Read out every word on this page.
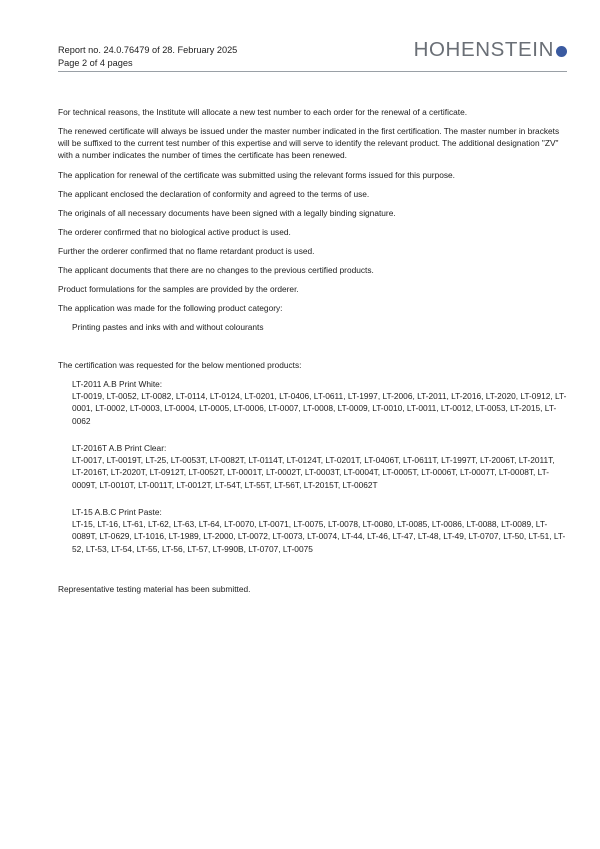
Report no. 24.0.76479 of 28. February 2025
Page 2 of 4 pages
HOHENSTEIN
For technical reasons, the Institute will allocate a new test number to each order for the renewal of a certificate.
The renewed certificate will always be issued under the master number indicated in the first certification. The master number in brackets will be suffixed to the current test number of this expertise and will serve to identify the relevant product. The additional designation "ZV" with a number indicates the number of times the certificate has been renewed.
The application for renewal of the certificate was submitted using the relevant forms issued for this purpose.
The applicant enclosed the declaration of conformity and agreed to the terms of use.
The originals of all necessary documents have been signed with a legally binding signature.
The orderer confirmed that no biological active product is used.
Further the orderer confirmed that no flame retardant product is used.
The applicant documents that there are no changes to the previous certified products.
Product formulations for the samples are provided by the orderer.
The application was made for the following product category:
Printing pastes and inks with and without colourants
The certification was requested for the below mentioned products:
LT-2011 A.B Print White:
LT-0019, LT-0052, LT-0082, LT-0114, LT-0124, LT-0201, LT-0406, LT-0611, LT-1997, LT-2006, LT-2011, LT-2016, LT-2020, LT-0912, LT-0001, LT-0002, LT-0003, LT-0004, LT-0005, LT-0006, LT-0007, LT-0008, LT-0009, LT-0010, LT-0011, LT-0012, LT-0053, LT-2015, LT-0062
LT-2016T A.B Print Clear:
LT-0017, LT-0019T, LT-25, LT-0053T, LT-0082T, LT-0114T, LT-0124T, LT-0201T, LT-0406T, LT-0611T, LT-1997T, LT-2006T, LT-2011T, LT-2016T, LT-2020T, LT-0912T, LT-0052T, LT-0001T, LT-0002T, LT-0003T, LT-0004T, LT-0005T, LT-0006T, LT-0007T, LT-0008T, LT-0009T, LT-0010T, LT-0011T, LT-0012T, LT-54T, LT-55T, LT-56T, LT-2015T, LT-0062T
LT-15 A.B.C Print Paste:
LT-15, LT-16, LT-61, LT-62, LT-63, LT-64, LT-0070, LT-0071, LT-0075, LT-0078, LT-0080, LT-0085, LT-0086, LT-0088, LT-0089, LT-0089T, LT-0629, LT-1016, LT-1989, LT-2000, LT-0072, LT-0073, LT-0074, LT-44, LT-46, LT-47, LT-48, LT-49, LT-0707, LT-50, LT-51, LT-52, LT-53, LT-54, LT-55, LT-56, LT-57, LT-990B, LT-0707, LT-0075
Representative testing material has been submitted.
